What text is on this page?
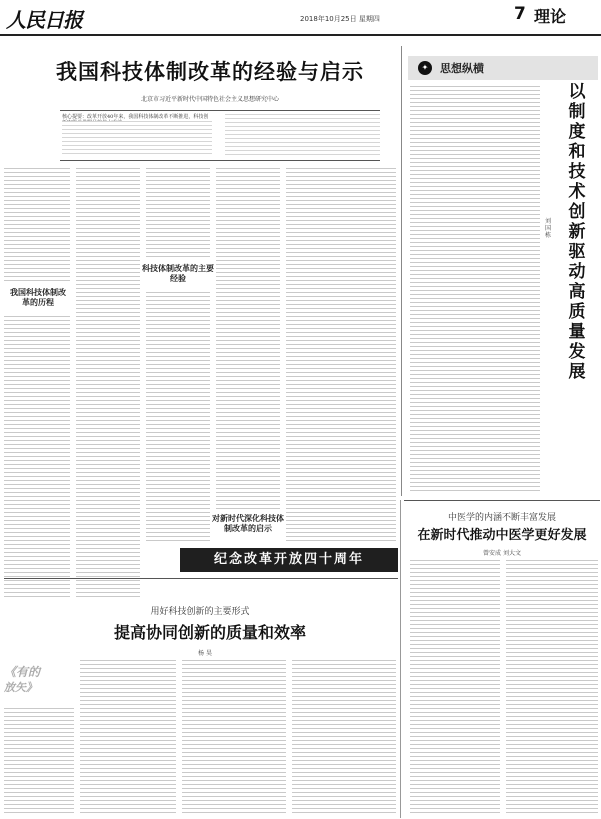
人民日报	2018年10月25日 星期四	7 理论
我国科技体制改革的经验与启示
北京市习近平新时代中国特色社会主义思想研究中心
核心提要：改革开放40年来，我国科技体制改革不断推进，科技创
我国科技体制改革的历程
科技体制改革的主要经验
对新时代深化科技体制改革的启示
纪念改革开放四十周年
✦	思想纵横
刘国栋
以制度和技术创新驱动高质量发展
中医学的内涵不断丰富发展
在新时代推动中医学更好发展
曾安成 刘大文
用好科技创新的主要形式
提高协同创新的质量和效率
杨 昊
《有的
放矢》
